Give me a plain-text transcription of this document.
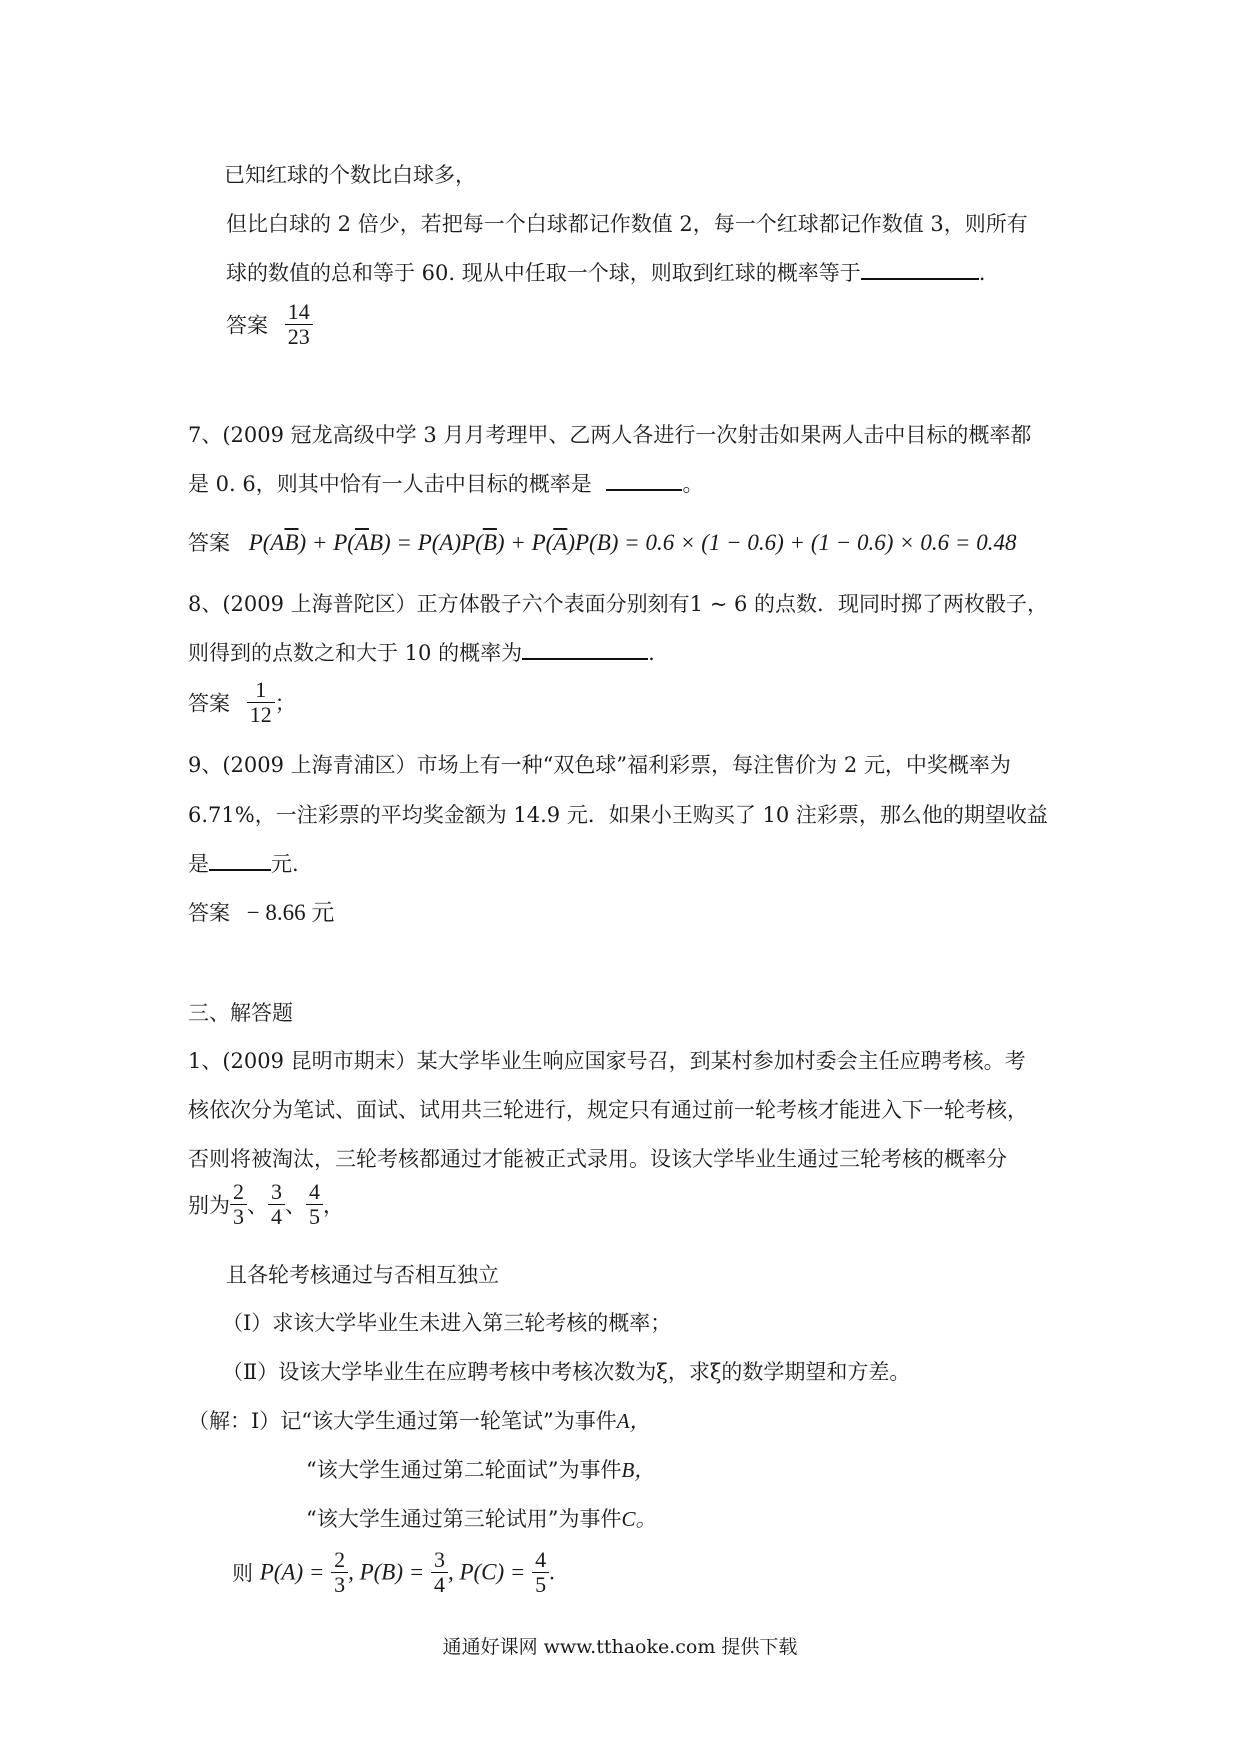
已知红球的个数比白球多，
但比白球的 2 倍少，若把每一个白球都记作数值 2，每一个红球都记作数值 3，则所有
球的数值的总和等于 60. 现从中任取一个球，则取到红球的概率等于	.
答案 $\frac{14}{23}$
7、(2009 冠龙高级中学 3 月月考理甲、乙两人各进行一次射击如果两人击中目标的概率都
是 0. 6，则其中恰有一人击中目标的概率是	。
答案 $P(A\overline{B}) + P(\overline{A}B) = P(A)P(\overline{B}) + P(\overline{A})P(B) = 0.6 \times (1 - 0.6) + (1 - 0.6) \times 0.6 = 0.48$
8、(2009 上海普陀区）正方体骰子六个表面分别刻有1 ~ 6 的点数．现同时掷了两枚骰子，
则得到的点数之和大于 10 的概率为	.
答案 $\frac{1}{12}$ ；
9、(2009 上海青浦区）市场上有一种“双色球”福利彩票，每注售价为 2 元，中奖概率为
6.71%，一注彩票的平均奖金额为 14.9 元．如果小王购买了 10 注彩票，那么他的期望收益
是	元.
答案 − 8.66 元
三、解答题
1、(2009 昆明市期末）某大学毕业生响应国家号召，到某村参加村委会主任应聘考核。考
核依次分为笔试、面试、试用共三轮进行，规定只有通过前一轮考核才能进入下一轮考核，
否则将被淘汰，三轮考核都通过才能被正式录用。设该大学毕业生通过三轮考核的概率分
别为 $\frac{2}{3}$ 、 $\frac{3}{4}$ 、 $\frac{4}{5}$ ，
且各轮考核通过与否相互独立
（Ⅰ）求该大学毕业生未进入第三轮考核的概率；
（Ⅱ）设该大学毕业生在应聘考核中考核次数为ξ，求ξ的数学期望和方差。
（解：Ⅰ）记“该大学生通过第一轮笔试”为事件A，
“该大学生通过第二轮面试”为事件B，
“该大学生通过第三轮试用”为事件C。
则 $P(A) = \frac{2}{3}$ , $P(B) = \frac{3}{4}$ , $P(C) = \frac{4}{5}$ .
通通好课网 www.tthaoke.com 提供下载
